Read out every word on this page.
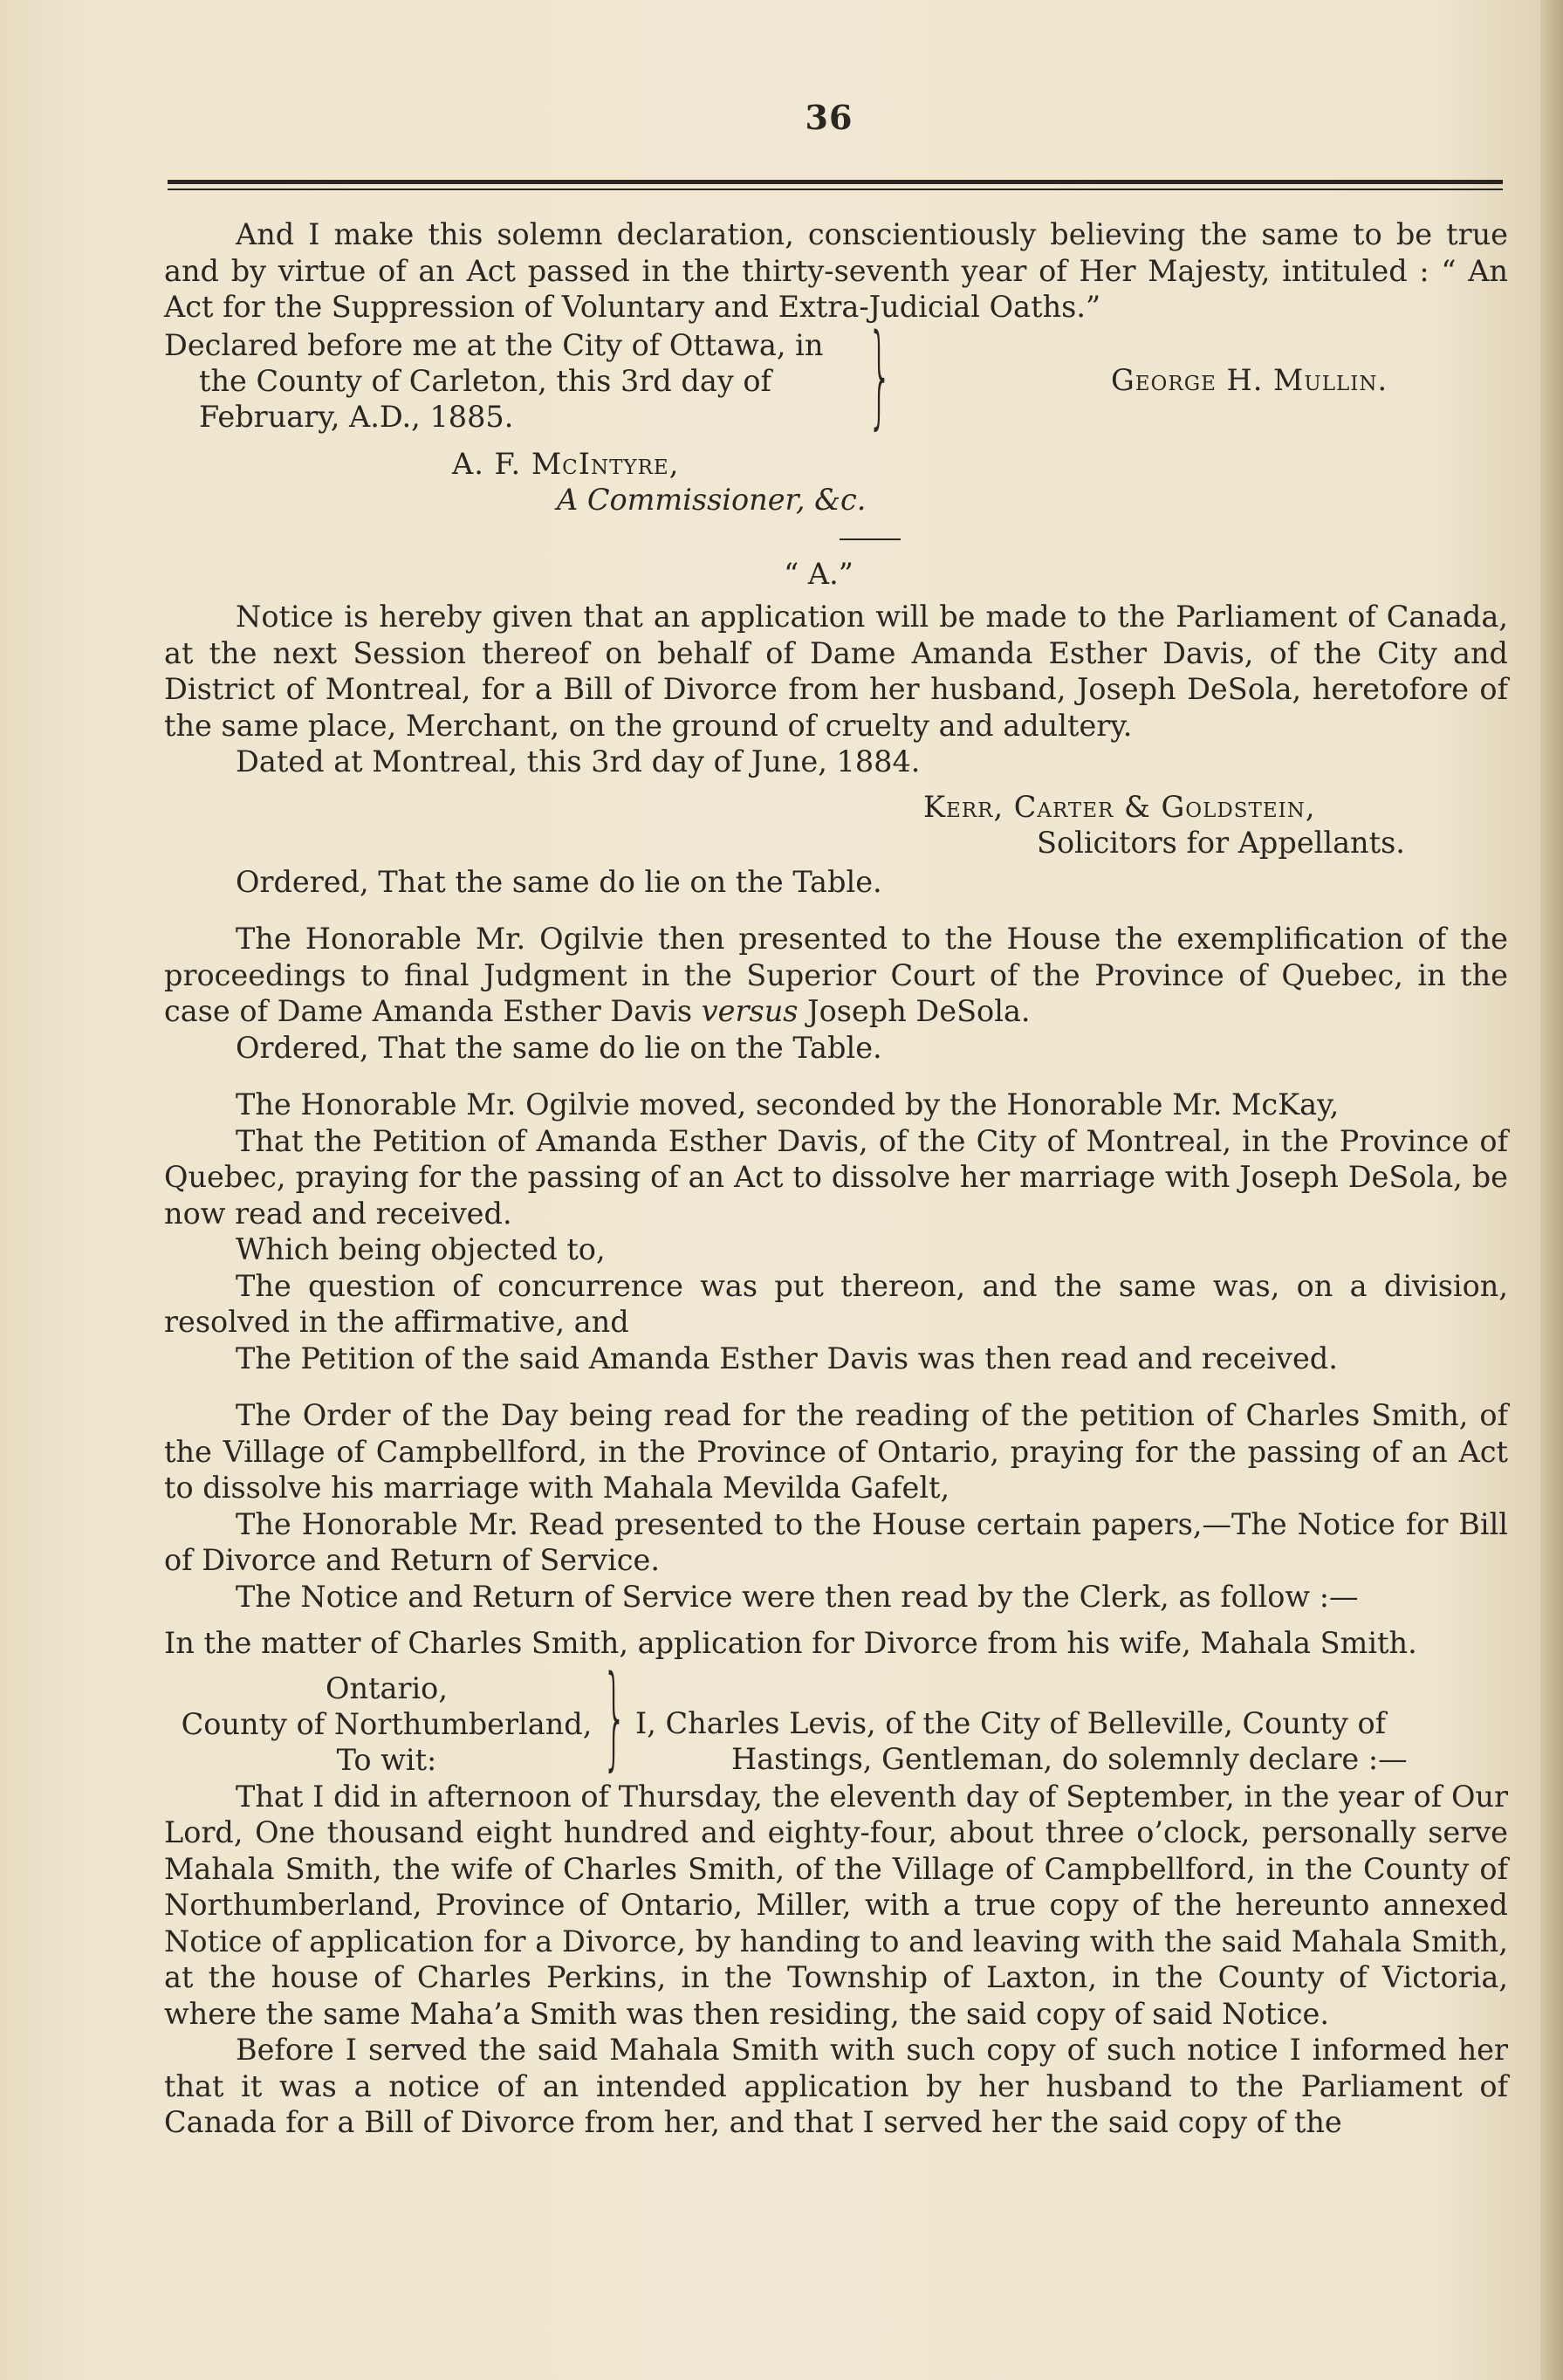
36

And I make this solemn declaration, conscientiously believing the same to be true and by virtue of an Act passed in the thirty-seventh year of Her Majesty, intituled : “ An Act for the Suppression of Voluntary and Extra-Judicial Oaths.”

Declared before me at the City of Ottawa, in
the County of Carleton, this 3rd day of
February, A.D., 1885.	}	George H. Mullin.
A. F. McIntyre,
A Commissioner, &c.
“ A.”

Notice is hereby given that an application will be made to the Parliament of Canada, at the next Session thereof on behalf of Dame Amanda Esther Davis, of the City and District of Montreal, for a Bill of Divorce from her husband, Joseph DeSola, heretofore of the same place, Merchant, on the ground of cruelty and adultery.

Dated at Montreal, this 3rd day of June, 1884.

Kerr, Carter & Goldstein,
Solicitors for Appellants.

Ordered, That the same do lie on the Table.

The Honorable Mr. Ogilvie then presented to the House the exemplification of the proceedings to final Judgment in the Superior Court of the Province of Quebec, in the case of Dame Amanda Esther Davis versus Joseph DeSola.

Ordered, That the same do lie on the Table.

The Honorable Mr. Ogilvie moved, seconded by the Honorable Mr. McKay,

That the Petition of Amanda Esther Davis, of the City of Montreal, in the Province of Quebec, praying for the passing of an Act to dissolve her marriage with Joseph DeSola, be now read and received.

Which being objected to,

The question of concurrence was put thereon, and the same was, on a division, resolved in the affirmative, and

The Petition of the said Amanda Esther Davis was then read and received.

The Order of the Day being read for the reading of the petition of Charles Smith, of the Village of Campbellford, in the Province of Ontario, praying for the passing of an Act to dissolve his marriage with Mahala Mevilda Gafelt,

The Honorable Mr. Read presented to the House certain papers,—The Notice for Bill of Divorce and Return of Service.

The Notice and Return of Service were then read by the Clerk, as follow :—

In the matter of Charles Smith, application for Divorce from his wife, Mahala Smith.

Ontario,
County of Northumberland,
To wit:	} I, Charles Levis, of the City of Belleville, County of
Hastings, Gentleman, do solemnly declare :—

That I did in afternoon of Thursday, the eleventh day of September, in the year of Our Lord, One thousand eight hundred and eighty-four, about three o’clock, personally serve Mahala Smith, the wife of Charles Smith, of the Village of Campbellford, in the County of Northumberland, Province of Ontario, Miller, with a true copy of the hereunto annexed Notice of application for a Divorce, by handing to and leaving with the said Mahala Smith, at the house of Charles Perkins, in the Township of Laxton, in the County of Victoria, where the same Maha’a Smith was then residing, the said copy of said Notice.

Before I served the said Mahala Smith with such copy of such notice I informed her that it was a notice of an intended application by her husband to the Parliament of Canada for a Bill of Divorce from her, and that I served her the said copy of the
